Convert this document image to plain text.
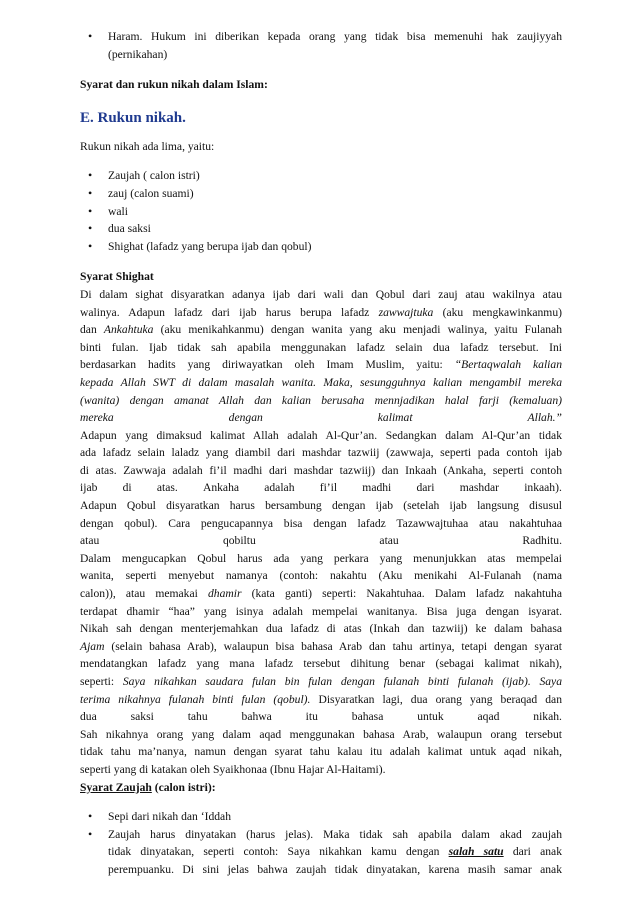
• Haram. Hukum ini diberikan kepada orang yang tidak bisa memenuhi hak zaujiyyah
(pernikahan)
Syarat dan rukun nikah dalam Islam:
E. Rukun nikah.
Rukun nikah ada lima, yaitu:
• Zaujah ( calon istri)
• zauj (calon suami)
• wali
• dua saksi
• Shighat (lafadz yang berupa ijab dan qobul)
Syarat Shighat
Di dalam sighat disyaratkan adanya ijab dari wali dan Qobul dari zauj atau wakilnya atau
walinya. Adapun lafadz dari ijab harus berupa lafadz zawwajtuka (aku mengkawinkanmu)
dan Ankahtuka (aku menikahkanmu) dengan wanita yang aku menjadi walinya, yaitu Fulanah
binti fulan. Ijab tidak sah apabila menggunakan lafadz selain dua lafadz tersebut. Ini
berdasarkan hadits yang diriwayatkan oleh Imam Muslim, yaitu: “Bertaqwalah kalian
kepada Allah SWT di dalam masalah wanita. Maka, sesungguhnya kalian mengambil mereka
(wanita) dengan amanat Allah dan kalian berusaha mennjadikan halal farji (kemaluan)
mereka	dengan	kalimat	Allah.”
Adapun yang dimaksud kalimat Allah adalah Al-Qur’an. Sedangkan dalam Al-Qur’an tidak
ada lafadz selain laladz yang diambil dari mashdar tazwiij (zawwaja, seperti pada contoh ijab
di atas. Zawwaja adalah fi’il madhi dari mashdar tazwiij) dan Inkaah (Ankaha, seperti contoh
ijab di atas. Ankaha adalah fi’il madhi dari mashdar inkaah).
Adapun Qobul disyaratkan harus bersambung dengan ijab (setelah ijab langsung disusul
dengan qobul). Cara pengucapannya bisa dengan lafadz Tazawwajtuhaa atau nakahtuhaa
atau	qobiltu	atau	Radhitu.
Dalam mengucapkan Qobul harus ada yang perkara yang menunjukkan atas mempelai
wanita, seperti menyebut namanya (contoh: nakahtu (Aku menikahi Al-Fulanah (nama
calon)), atau memakai dhamir (kata ganti) seperti: Nakahtuhaa. Dalam lafadz nakahtuha
terdapat dhamir “haa” yang isinya adalah mempelai wanitanya. Bisa juga dengan isyarat.
Nikah sah dengan menterjemahkan dua lafadz di atas (Inkah dan tazwiij) ke dalam bahasa
Ajam (selain bahasa Arab), walaupun bisa bahasa Arab dan tahu artinya, tetapi dengan syarat
mendatangkan lafadz yang mana lafadz tersebut dihitung benar (sebagai kalimat nikah),
seperti: Saya nikahkan saudara fulan bin fulan dengan fulanah binti fulanah (ijab). Saya
terima nikahnya fulanah binti fulan (qobul). Disyaratkan lagi, dua orang yang beraqad dan
dua	saksi	tahu	bahwa	itu	bahasa	untuk	aqad	nikah.
Sah nikahnya orang yang dalam aqad menggunakan bahasa Arab, walaupun orang tersebut
tidak tahu ma’nanya, namun dengan syarat tahu kalau itu adalah kalimat untuk aqad nikah,
seperti yang di katakan oleh Syaikhonaa (Ibnu Hajar Al-Haitami).
Syarat Zaujah (calon istri):
• Sepi dari nikah dan ‘Iddah
• Zaujah harus dinyatakan (harus jelas). Maka tidak sah apabila dalam akad zaujah
tidak dinyatakan, seperti contoh: Saya nikahkan kamu dengan salah satu dari anak
perempuanku. Di sini jelas bahwa zaujah tidak dinyatakan, karena masih samar anak
